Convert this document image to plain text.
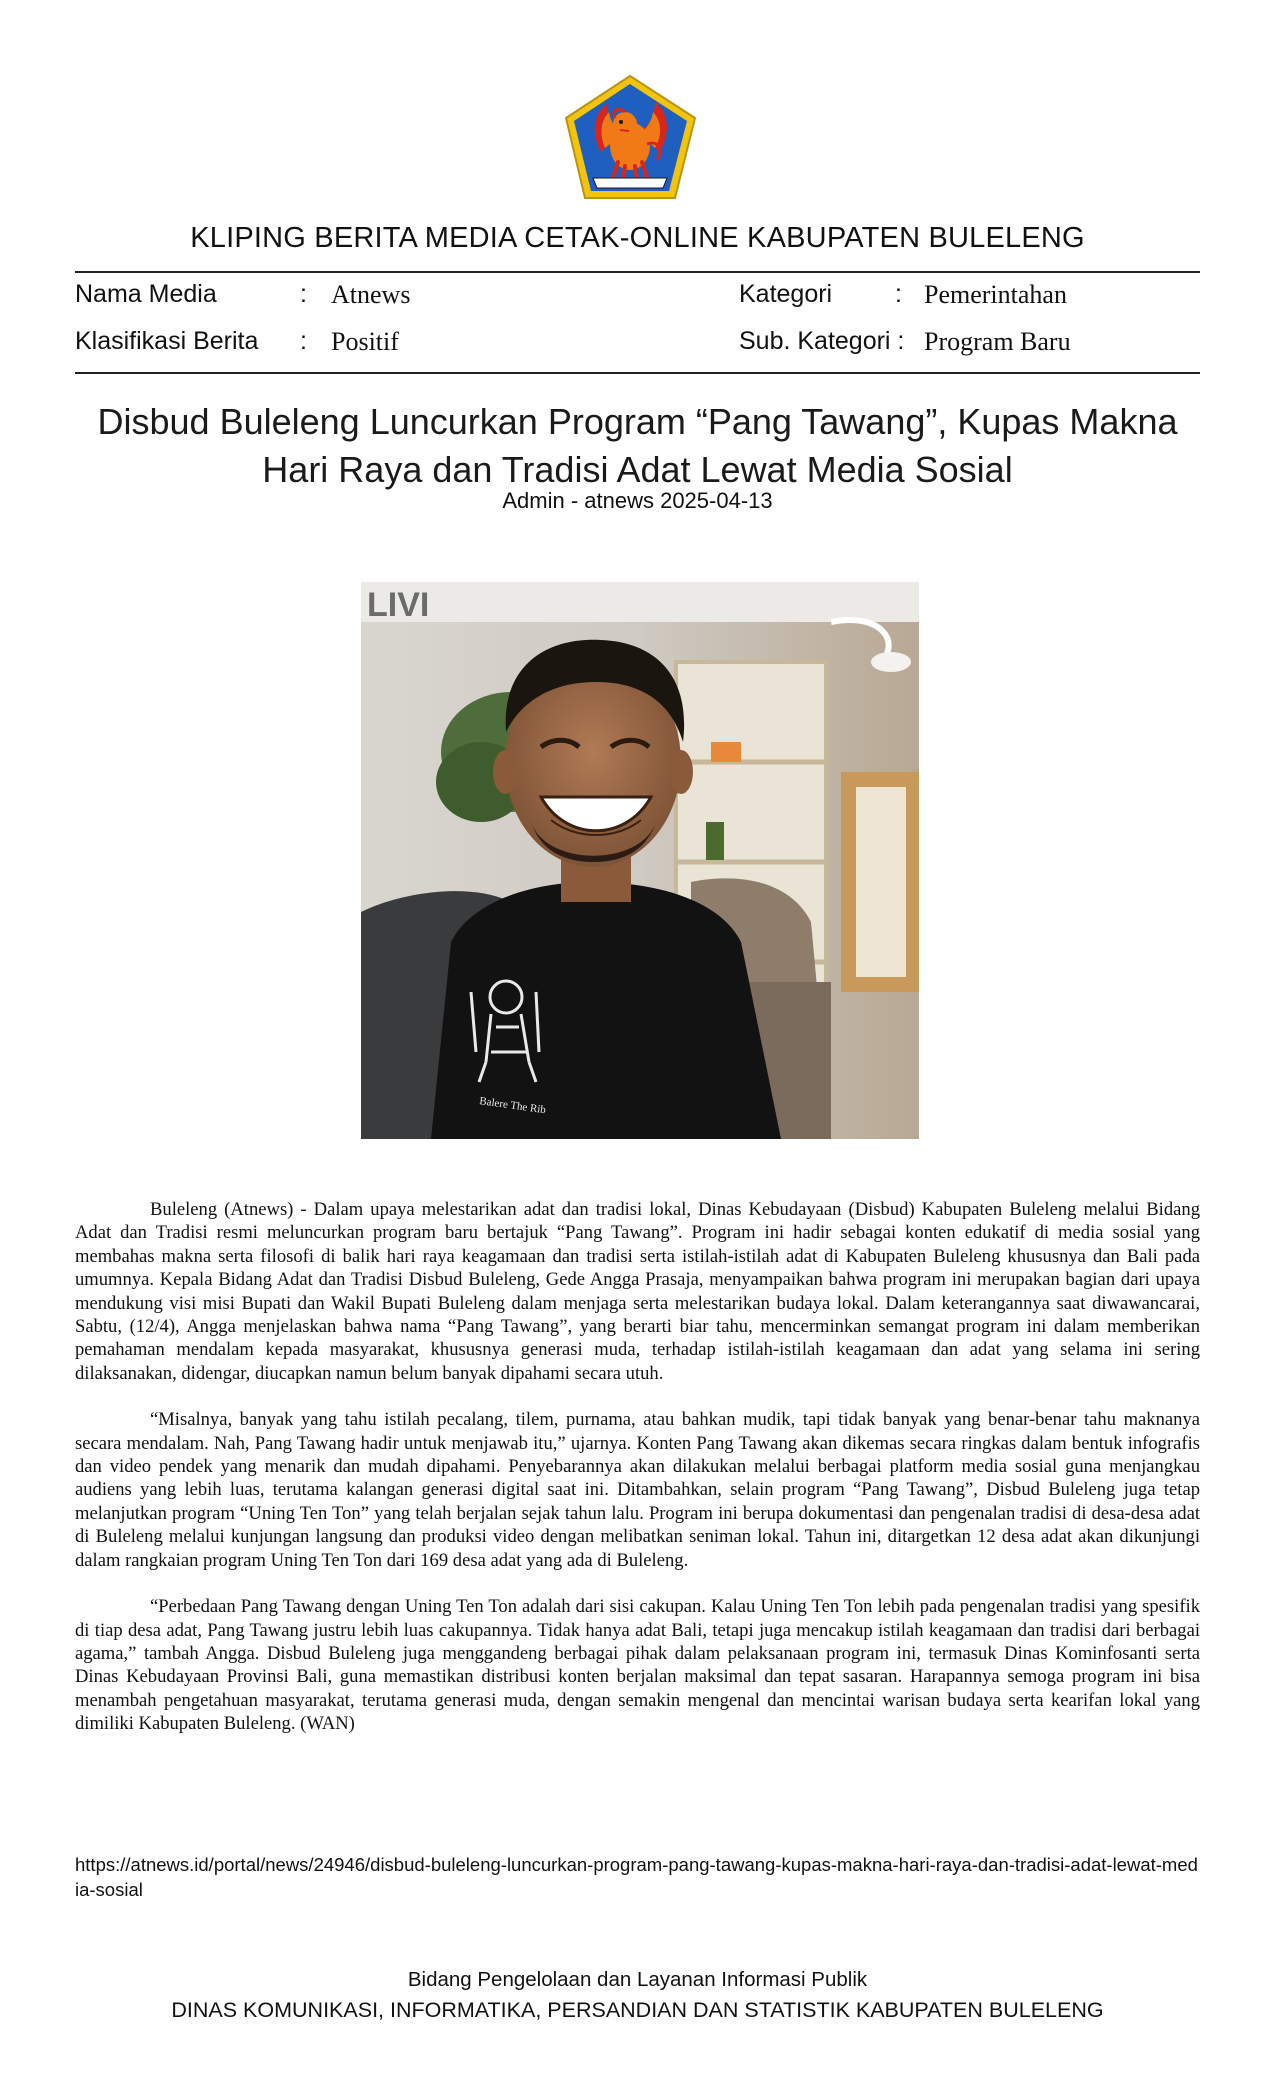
KLIPING BERITA MEDIA CETAK-ONLINE KABUPATEN BULELENG
Nama Media	: Atnews	Kategori	: Pemerintahan
Klasifikasi Berita : Positif	Sub. Kategori : Program Baru
Disbud Buleleng Luncurkan Program “Pang Tawang”, Kupas Makna Hari Raya dan Tradisi Adat Lewat Media Sosial
Admin - atnews 2025-04-13
LIVI
Balere The Rib

Buleleng (Atnews) - Dalam upaya melestarikan adat dan tradisi lokal, Dinas Kebudayaan (Disbud) Kabupaten Buleleng melalui Bidang Adat dan Tradisi resmi meluncurkan program baru bertajuk “Pang Tawang”. Program ini hadir sebagai konten edukatif di media sosial yang membahas makna serta filosofi di balik hari raya keagamaan dan tradisi serta istilah-istilah adat di Kabupaten Buleleng khususnya dan Bali pada umumnya. Kepala Bidang Adat dan Tradisi Disbud Buleleng, Gede Angga Prasaja, menyampaikan bahwa program ini merupakan bagian dari upaya mendukung visi misi Bupati dan Wakil Bupati Buleleng dalam menjaga serta melestarikan budaya lokal. Dalam keterangannya saat diwawancarai, Sabtu, (12/4), Angga menjelaskan bahwa nama “Pang Tawang”, yang berarti biar tahu, mencerminkan semangat program ini dalam memberikan pemahaman mendalam kepada masyarakat, khususnya generasi muda, terhadap istilah-istilah keagamaan dan adat yang selama ini sering dilaksanakan, didengar, diucapkan namun belum banyak dipahami secara utuh.

“Misalnya, banyak yang tahu istilah pecalang, tilem, purnama, atau bahkan mudik, tapi tidak banyak yang benar-benar tahu maknanya secara mendalam. Nah, Pang Tawang hadir untuk menjawab itu,” ujarnya. Konten Pang Tawang akan dikemas secara ringkas dalam bentuk infografis dan video pendek yang menarik dan mudah dipahami. Penyebarannya akan dilakukan melalui berbagai platform media sosial guna menjangkau audiens yang lebih luas, terutama kalangan generasi digital saat ini. Ditambahkan, selain program “Pang Tawang”, Disbud Buleleng juga tetap melanjutkan program “Uning Ten Ton” yang telah berjalan sejak tahun lalu. Program ini berupa dokumentasi dan pengenalan tradisi di desa-desa adat di Buleleng melalui kunjungan langsung dan produksi video dengan melibatkan seniman lokal. Tahun ini, ditargetkan 12 desa adat akan dikunjungi dalam rangkaian program Uning Ten Ton dari 169 desa adat yang ada di Buleleng.

“Perbedaan Pang Tawang dengan Uning Ten Ton adalah dari sisi cakupan. Kalau Uning Ten Ton lebih pada pengenalan tradisi yang spesifik di tiap desa adat, Pang Tawang justru lebih luas cakupannya. Tidak hanya adat Bali, tetapi juga mencakup istilah keagamaan dan tradisi dari berbagai agama,” tambah Angga. Disbud Buleleng juga menggandeng berbagai pihak dalam pelaksanaan program ini, termasuk Dinas Kominfosanti serta Dinas Kebudayaan Provinsi Bali, guna memastikan distribusi konten berjalan maksimal dan tepat sasaran. Harapannya semoga program ini bisa menambah pengetahuan masyarakat, terutama generasi muda, dengan semakin mengenal dan mencintai warisan budaya serta kearifan lokal yang dimiliki Kabupaten Buleleng. (WAN)

https://atnews.id/portal/news/24946/disbud-buleleng-luncurkan-program-pang-tawang-kupas-makna-hari-raya-dan-tradisi-adat-lewat-media-sosial
Bidang Pengelolaan dan Layanan Informasi Publik
DINAS KOMUNIKASI, INFORMATIKA, PERSANDIAN DAN STATISTIK KABUPATEN BULELENG
